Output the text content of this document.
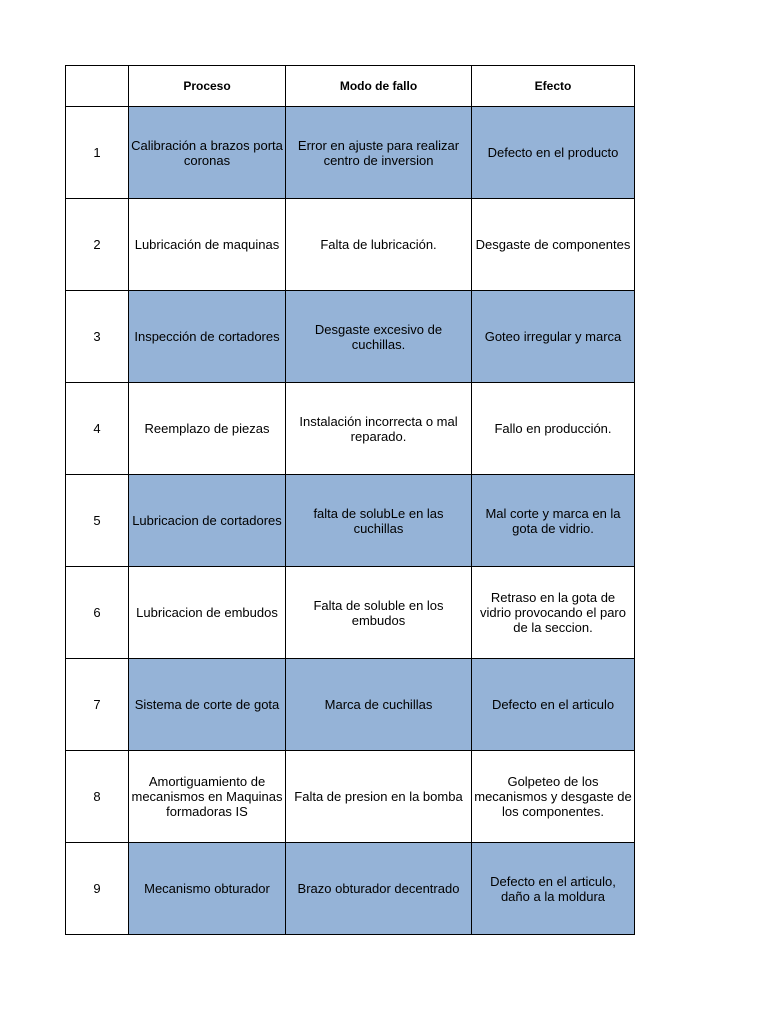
	Proceso	Modo de fallo	Efecto
1	Calibración a brazos porta coronas	Error en ajuste para realizar centro de inversion	Defecto en el producto
2	Lubricación de maquinas	Falta de lubricación.	Desgaste de componentes
3	Inspección de cortadores	Desgaste excesivo de cuchillas.	Goteo irregular y marca
4	Reemplazo de piezas	Instalación incorrecta o mal reparado.	Fallo en producción.
5	Lubricacion de cortadores	falta de solubLe en las cuchillas	Mal corte y marca en la gota de vidrio.
6	Lubricacion de embudos	Falta de soluble en los embudos	Retraso en la gota de vidrio provocando el paro de la seccion.
7	Sistema de corte de gota	Marca de cuchillas	Defecto en el articulo
8	Amortiguamiento de mecanismos en Maquinas formadoras IS	Falta de presion en la bomba	Golpeteo de los mecanismos y desgaste de los componentes.
9	Mecanismo obturador	Brazo obturador decentrado	Defecto en el articulo, daño a la moldura
